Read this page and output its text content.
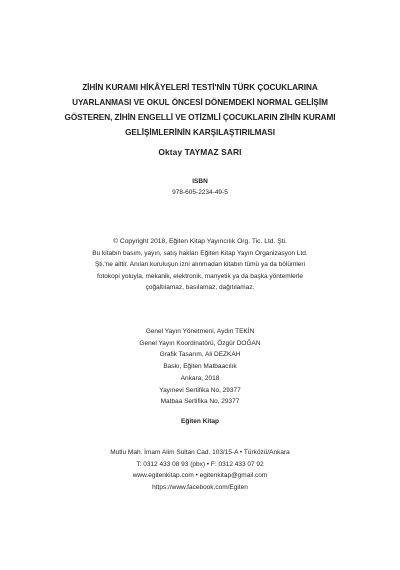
ZİHİN KURAMI HİKÂYELERİ TESTİ'NİN TÜRK ÇOCUKLARINA
UYARLANMASI VE OKUL ÖNCESİ DÖNEMDEKİ NORMAL GELİŞİM
GÖSTEREN, ZİHİN ENGELLİ VE OTİZMLİ ÇOCUKLARIN ZİHİN KURAMI
GELİŞİMLERİNİN KARŞILAŞTIRILMASI
Oktay TAYMAZ SARI
ISBN
978-605-2234-49-5
© Copyright 2018, Eğiten Kitap Yayıncılık Org. Tic. Ltd. Şti.
Bu kitabın basım, yayın, satış hakları Eğiten Kitap Yayın Organizasyon Ltd.
Şti.'ne aittir. Anılan kuruluşun izni alınmadan kitabın tümü ya da bölümleri
fotokopi yoluyla, mekanik, elektronik, manyetik ya da başka yöntemlerle
çoğaltılamaz, basılamaz, dağıtılamaz.
Genel Yayın Yönetmeni, Aydın TEKİN
Genel Yayın Koordinatörü, Özgür DOĞAN
Grafik Tasarım, Ali DEZKAH
Baskı, Eğiten Matbaacılık
Ankara, 2018
Yayınevi Sertifika No, 29377
Matbaa Sertifika No, 29377
Eğiten Kitap
Mutlu Mah. İmam Alim Sultan Cad. 103/15-A • Türközü/Ankara
T: 0312 433 08 93 (pbx) • F: 0312 433 07 92
www.egitenkitap.com • egitenkitap@gmail.com
https://www.facebook.com/Egiten
